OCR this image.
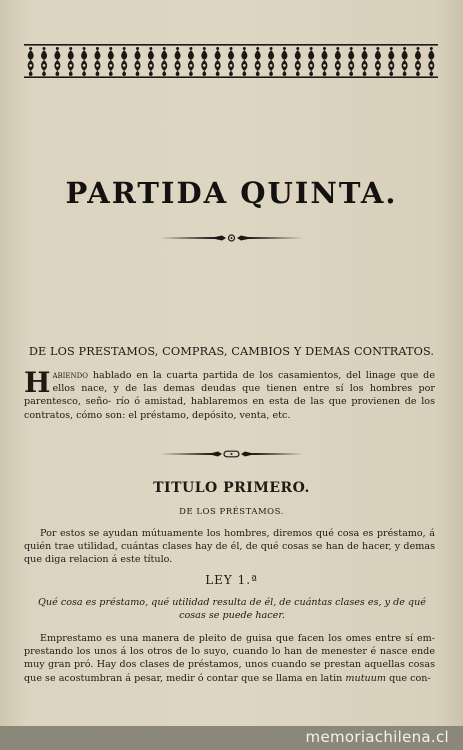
PARTIDA QUINTA.
DE LOS PRESTAMOS, COMPRAS, CAMBIOS Y DEMAS CONTRATOS.

Habiendo hablado en la cuarta partida de los casamientos, del linage que de ellos nace, y de las demas deudas que tienen entre sí los hombres por parentesco, seño- río ó amistad, hablaremos en esta de las que provienen de los contratos, cómo son: el préstamo, depósito, venta, etc.

TITULO PRIMERO.
DE LOS PRÉSTAMOS.

Por estos se ayudan mútuamente los hombres, diremos qué cosa es préstamo, á quién trae utilidad, cuántas clases hay de él, de qué cosas se han de hacer, y demas que diga relacion á este título.

LEY 1.ª
Qué cosa es préstamo, qué utilidad resulta de él, de cuántas clases es, y de qué cosas se puede hacer.

Emprestamo es una manera de pleito de guisa que facen los omes entre sí em- prestando los unos á los otros de lo suyo, cuando lo han de menester é nasce ende muy gran pró. Hay dos clases de préstamos, unos cuando se prestan aquellas cosas que se acostumbran á pesar, medir ó contar que se llama en latin mutuum que con-

memoriachilena.cl
